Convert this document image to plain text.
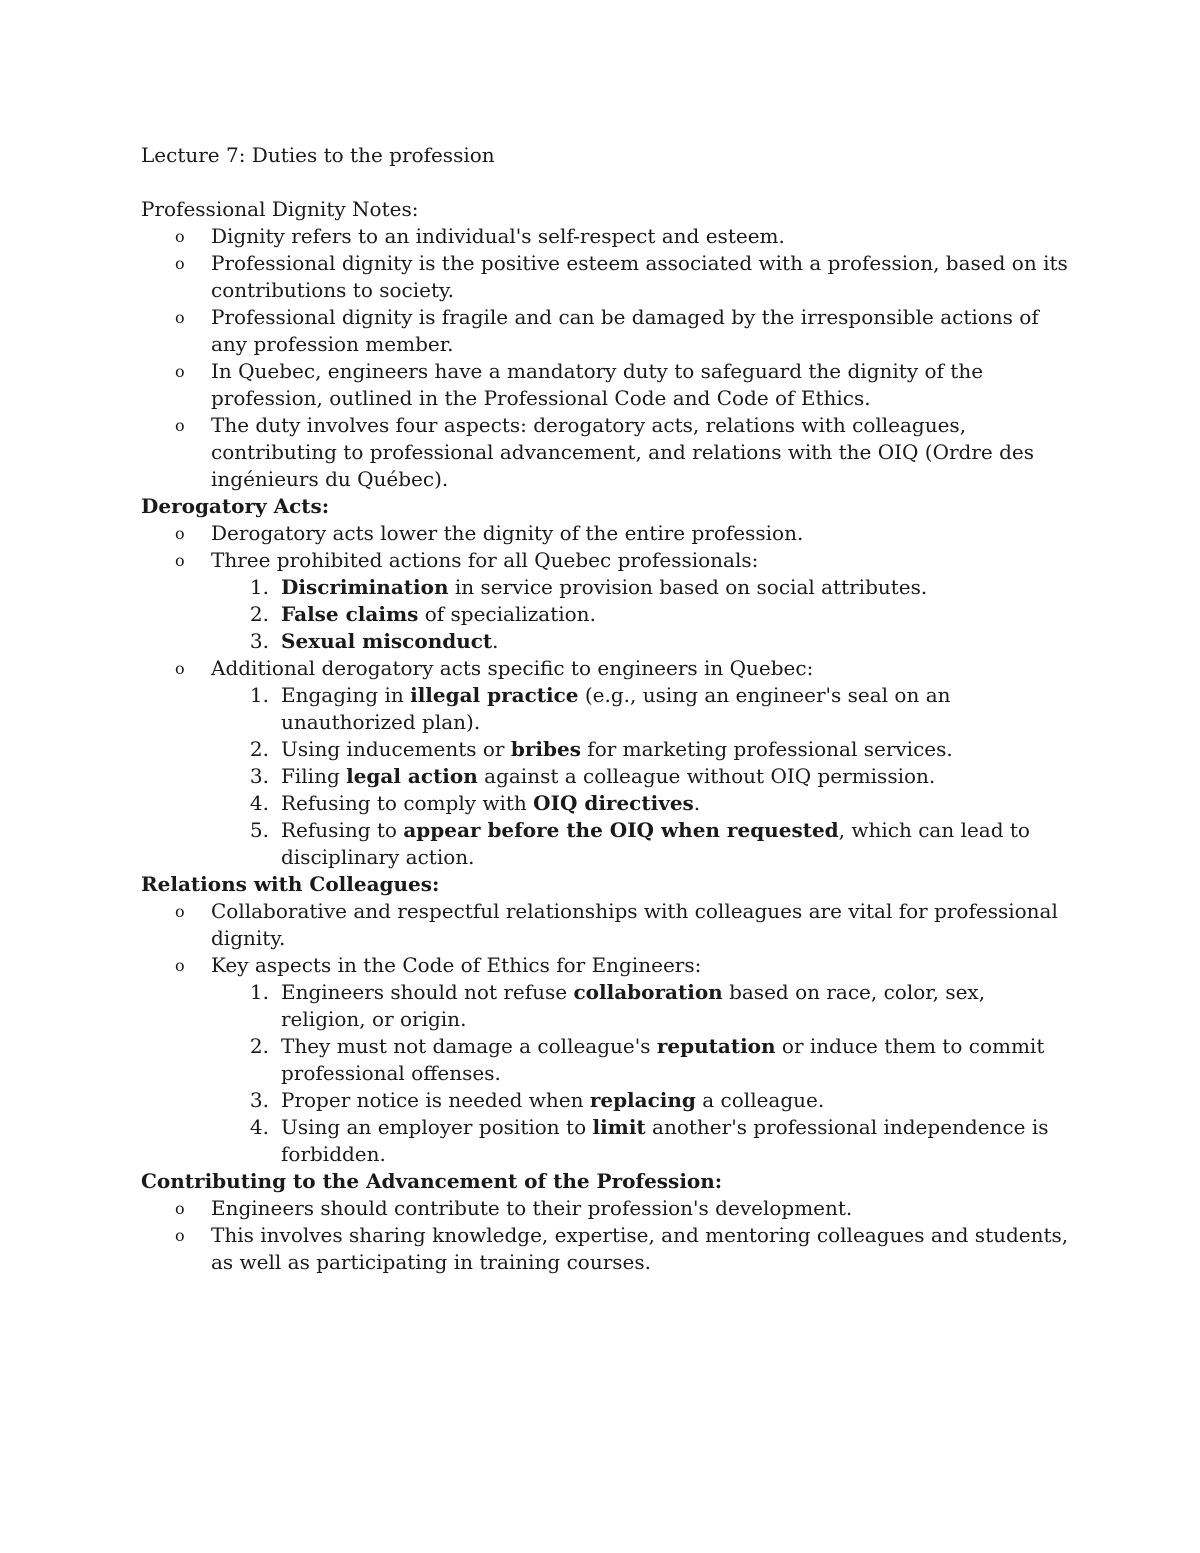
Lecture 7: Duties to the profession

Professional Dignity Notes:

o Dignity refers to an individual's self-respect and esteem.
o Professional dignity is the positive esteem associated with a profession, based on its contributions to society.
o Professional dignity is fragile and can be damaged by the irresponsible actions of any profession member.
o In Quebec, engineers have a mandatory duty to safeguard the dignity of the profession, outlined in the Professional Code and Code of Ethics.
o The duty involves four aspects: derogatory acts, relations with colleagues, contributing to professional advancement, and relations with the OIQ (Ordre des ingénieurs du Québec).

Derogatory Acts:

o Derogatory acts lower the dignity of the entire profession.
o Three prohibited actions for all Quebec professionals:
1. Discrimination in service provision based on social attributes.
2. False claims of specialization.
3. Sexual misconduct.
o Additional derogatory acts specific to engineers in Quebec:
1. Engaging in illegal practice (e.g., using an engineer's seal on an unauthorized plan).
2. Using inducements or bribes for marketing professional services.
3. Filing legal action against a colleague without OIQ permission.
4. Refusing to comply with OIQ directives.
5. Refusing to appear before the OIQ when requested, which can lead to disciplinary action.

Relations with Colleagues:

o Collaborative and respectful relationships with colleagues are vital for professional dignity.
o Key aspects in the Code of Ethics for Engineers:
1. Engineers should not refuse collaboration based on race, color, sex, religion, or origin.
2. They must not damage a colleague's reputation or induce them to commit professional offenses.
3. Proper notice is needed when replacing a colleague.
4. Using an employer position to limit another's professional independence is forbidden.

Contributing to the Advancement of the Profession:

o Engineers should contribute to their profession's development.
o This involves sharing knowledge, expertise, and mentoring colleagues and students, as well as participating in training courses.
